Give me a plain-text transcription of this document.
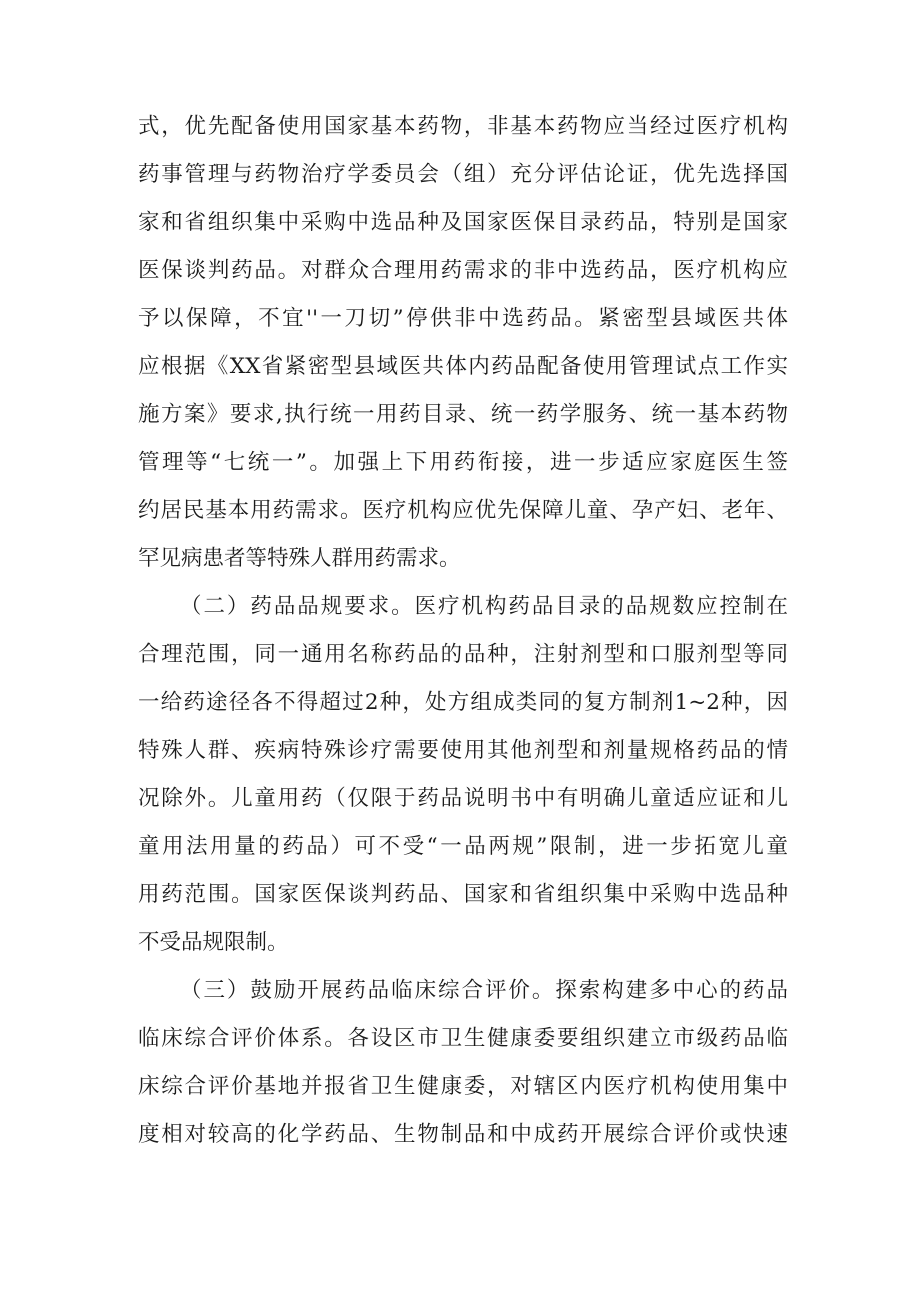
式，优先配备使用国家基本药物，非基本药物应当经过医疗机构
药事管理与药物治疗学委员会（组）充分评估论证，优先选择国
家和省组织集中采购中选品种及国家医保目录药品，特别是国家
医保谈判药品。对群众合理用药需求的非中选药品，医疗机构应
予以保障，不宜''一刀切”停供非中选药品。紧密型县域医共体
应根据《XX省紧密型县域医共体内药品配备使用管理试点工作实
施方案》要求,执行统一用药目录、统一药学服务、统一基本药物
管理等“七统一”。加强上下用药衔接，进一步适应家庭医生签
约居民基本用药需求。医疗机构应优先保障儿童、孕产妇、老年、
罕见病患者等特殊人群用药需求。
（二）药品品规要求。医疗机构药品目录的品规数应控制在
合理范围，同一通用名称药品的品种，注射剂型和口服剂型等同
一给药途径各不得超过2种，处方组成类同的复方制剂1~2种，因
特殊人群、疾病特殊诊疗需要使用其他剂型和剂量规格药品的情
况除外。儿童用药（仅限于药品说明书中有明确儿童适应证和儿
童用法用量的药品）可不受“一品两规”限制，进一步拓宽儿童
用药范围。国家医保谈判药品、国家和省组织集中采购中选品种
不受品规限制。
（三）鼓励开展药品临床综合评价。探索构建多中心的药品
临床综合评价体系。各设区市卫生健康委要组织建立市级药品临
床综合评价基地并报省卫生健康委，对辖区内医疗机构使用集中
度相对较高的化学药品、生物制品和中成药开展综合评价或快速
